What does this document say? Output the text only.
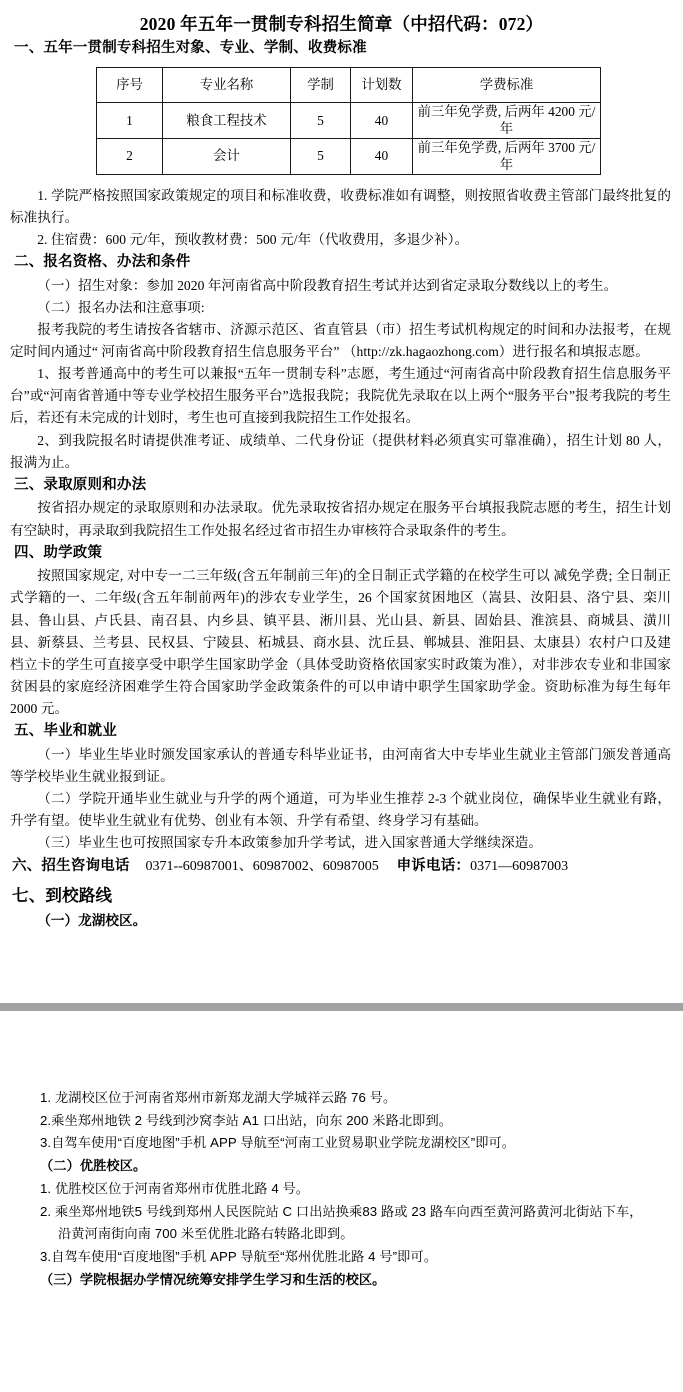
2020 年五年一贯制专科招生简章（中招代码：072）
一、五年一贯制专科招生对象、专业、学制、收费标准
序号	专业名称	学制	计划数	学费标准
1	粮食工程技术	5	40	前三年免学费, 后两年 4200 元/年
2	会计	5	40	前三年免学费, 后两年 3700 元/年

1. 学院严格按照国家政策规定的项目和标准收费，收费标准如有调整，则按照省收费主管部门最终批复的标准执行。

2. 住宿费：600 元/年，预收教材费：500 元/年（代收费用，多退少补）。

二、报名资格、办法和条件

（一）招生对象：参加 2020 年河南省高中阶段教育招生考试并达到省定录取分数线以上的考生。

（二）报名办法和注意事项:

报考我院的考生请按各省辖市、济源示范区、省直管县（市）招生考试机构规定的时间和办法报考，在规定时间内通过“ 河南省高中阶段教育招生信息服务平台” （http://zk.hagaozhong.com）进行报名和填报志愿。

1、报考普通高中的考生可以兼报“五年一贯制专科”志愿，考生通过“河南省高中阶段教育招生信息服务平台”或“河南省普通中等专业学校招生服务平台”选报我院；我院优先录取在以上两个“服务平台”报考我院的考生后，若还有未完成的计划时，考生也可直接到我院招生工作处报名。

2、到我院报名时请提供准考证、成绩单、二代身份证（提供材料必须真实可靠准确），招生计划 80 人，报满为止。

三、录取原则和办法

按省招办规定的录取原则和办法录取。优先录取按省招办规定在服务平台填报我院志愿的考生，招生计划有空缺时，再录取到我院招生工作处报名经过省市招生办审核符合录取条件的考生。

四、助学政策

按照国家规定, 对中专一二三年级(含五年制前三年)的全日制正式学籍的在校学生可以 减免学费; 全日制正式学籍的一、二年级(含五年制前两年)的涉农专业学生，26 个国家贫困地区（嵩县、汝阳县、洛宁县、栾川县、鲁山县、卢氏县、南召县、内乡县、镇平县、淅川县、光山县、新县、固始县、淮滨县、商城县、潢川县、新蔡县、兰考县、民权县、宁陵县、柘城县、商水县、沈丘县、郸城县、淮阳县、太康县）农村户口及建档立卡的学生可直接享受中职学生国家助学金（具体受助资格依国家实时政策为准），对非涉农专业和非国家贫困县的家庭经济困难学生符合国家助学金政策条件的可以申请中职学生国家助学金。资助标准为每生每年 2000 元。

五、毕业和就业

（一）毕业生毕业时颁发国家承认的普通专科毕业证书，由河南省大中专毕业生就业主管部门颁发普通高等学校毕业生就业报到证。

（二）学院开通毕业生就业与升学的两个通道，可为毕业生推荐 2-3 个就业岗位，确保毕业生就业有路，升学有望。使毕业生就业有优势、创业有本领、升学有希望、终身学习有基础。

（三）毕业生也可按照国家专升本政策参加升学考试，进入国家普通大学继续深造。

六、招生咨询电话 0371--60987001、60987002、60987005 申诉电话：0371—60987003
七、到校路线

（一）龙湖校区。

1. 龙湖校区位于河南省郑州市新郑龙湖大学城祥云路 76 号。

2.乘坐郑州地铁 2 号线到沙窝李站 A1 口出站，向东 200 米路北即到。

3.自驾车使用“百度地图”手机 APP 导航至“河南工业贸易职业学院龙湖校区”即可。

（二）优胜校区。

1. 优胜校区位于河南省郑州市优胜北路 4 号。

2. 乘坐郑州地铁5 号线到郑州人民医院站 C 口出站换乘83 路或 23 路车向西至黄河路黄河北街站下车，

沿黄河南街向南 700 米至优胜北路右转路北即到。

3.自驾车使用“百度地图”手机 APP 导航至“郑州优胜北路 4 号”即可。

（三）学院根据办学情况统筹安排学生学习和生活的校区。
